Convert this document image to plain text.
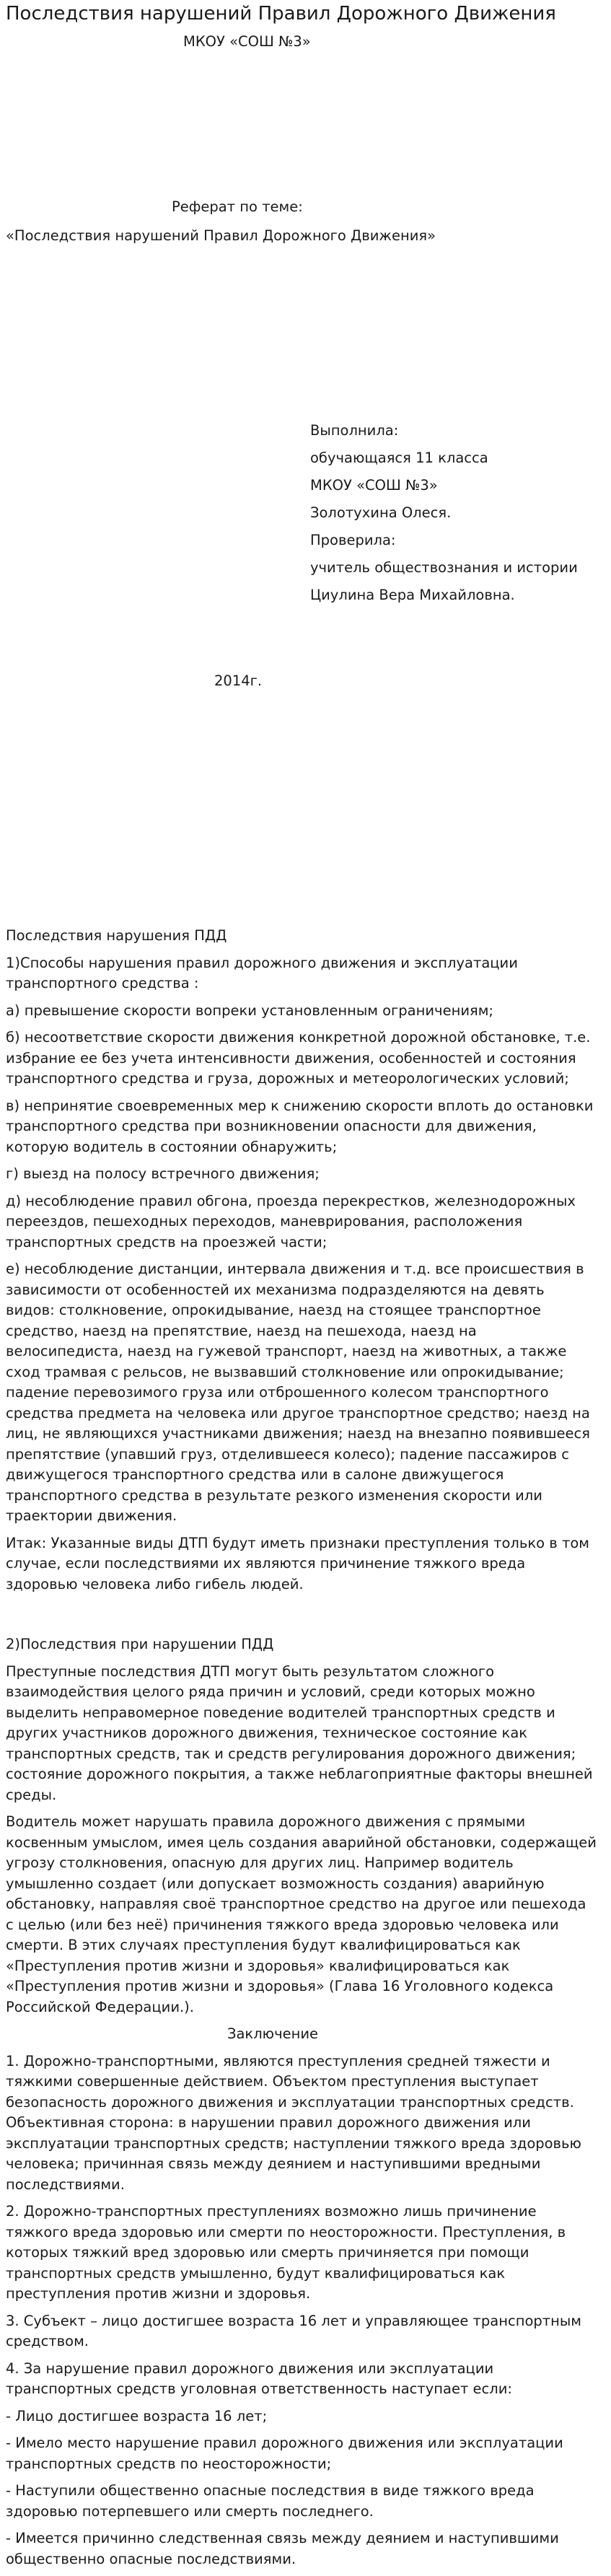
Последствия нарушений Правил Дорожного Движения
МКОУ «СОШ №3»
Реферат по теме:
«Последствия нарушений Правил Дорожного Движения»

Выполнила:

обучающаяся 11 класса

МКОУ «СОШ №3»

Золотухина Олеся.

Проверила:

учитель обществознания и истории

Циулина Вера Михайловна.

2014г.

Последствия нарушения ПДД

1)Способы нарушения правил дорожного движения и эксплуатации транспортного средства :

а) превышение скорости вопреки установленным ограничениям;

б) несоответствие скорости движения конкретной дорожной обстановке, т.е. избрание ее без учета интенсивности движения, особенностей и состояния транспортного средства и груза, дорожных и метеорологических условий;

в) непринятие своевременных мер к снижению скорости вплоть до остановки транспортного средства при возникновении опасности для движения, которую водитель в состоянии обнаружить;

г) выезд на полосу встречного движения;

д) несоблюдение правил обгона, проезда перекрестков, железнодорожных переездов, пешеходных переходов, маневрирования, расположения транспортных средств на проезжей части;

е) несоблюдение дистанции, интервала движения и т.д. все происшествия в зависимости от особенностей их механизма подразделяются на девять видов: столкновение, опрокидывание, наезд на стоящее транспортное средство, наезд на препятствие, наезд на пешехода, наезд на велосипедиста, наезд на гужевой транспорт, наезд на животных, а также сход трамвая с рельсов, не вызвавший столкновение или опрокидывание; падение перевозимого груза или отброшенного колесом транспортного средства предмета на человека или другое транспортное средство; наезд на лиц, не являющихся участниками движения; наезд на внезапно появившееся препятствие (упавший груз, отделившееся колесо); падение пассажиров с движущегося транспортного средства или в салоне движущегося транспортного средства в результате резкого изменения скорости или траектории движения.

Итак: Указанные виды ДТП будут иметь признаки преступления только в том случае, если последствиями их являются причинение тяжкого вреда здоровью человека либо гибель людей.

2)Последствия при нарушении ПДД

Преступные последствия ДТП могут быть результатом сложного взаимодействия целого ряда причин и условий, среди которых можно выделить неправомерное поведение водителей транспортных средств и других участников дорожного движения, техническое состояние как транспортных средств, так и средств регулирования дорожного движения; состояние дорожного покрытия, а также неблагоприятные факторы внешней среды.

Водитель может нарушать правила дорожного движения с прямыми косвенным умыслом, имея цель создания аварийной обстановки, содержащей угрозу столкновения, опасную для других лиц. Например водитель умышленно создает (или допускает возможность создания) аварийную обстановку, направляя своё транспортное средство на другое или пешехода с целью (или без неё) причинения тяжкого вреда здоровью человека или смерти. В этих случаях преступления будут квалифицироваться как «Преступления против жизни и здоровья» квалифицироваться как «Преступления против жизни и здоровья» (Глава 16 Уголовного кодекса Российской Федерации.).

Заключение

1. Дорожно-транспортными, являются преступления средней тяжести и тяжкими совершенные действием. Объектом преступления выступает безопасность дорожного движения и эксплуатации транспортных средств. Объективная сторона: в нарушении правил дорожного движения или эксплуатации транспортных средств; наступлении тяжкого вреда здоровью человека; причинная связь между деянием и наступившими вредными последствиями.

2. Дорожно-транспортных преступлениях возможно лишь причинение тяжкого вреда здоровью или смерти по неосторожности. Преступления, в которых тяжкий вред здоровью или смерть причиняется при помощи транспортных средств умышленно, будут квалифицироваться как преступления против жизни и здоровья.

3. Субъект – лицо достигшее возраста 16 лет и управляющее транспортным средством.

4. За нарушение правил дорожного движения или эксплуатации транспортных средств уголовная ответственность наступает если:

- Лицо достигшее возраста 16 лет;

- Имело место нарушение правил дорожного движения или эксплуатации транспортных средств по неосторожности;

- Наступили общественно опасные последствия в виде тяжкого вреда здоровью потерпевшего или смерть последнего.

- Имеется причинно следственная связь между деянием и наступившими общественно опасные последствиями.
